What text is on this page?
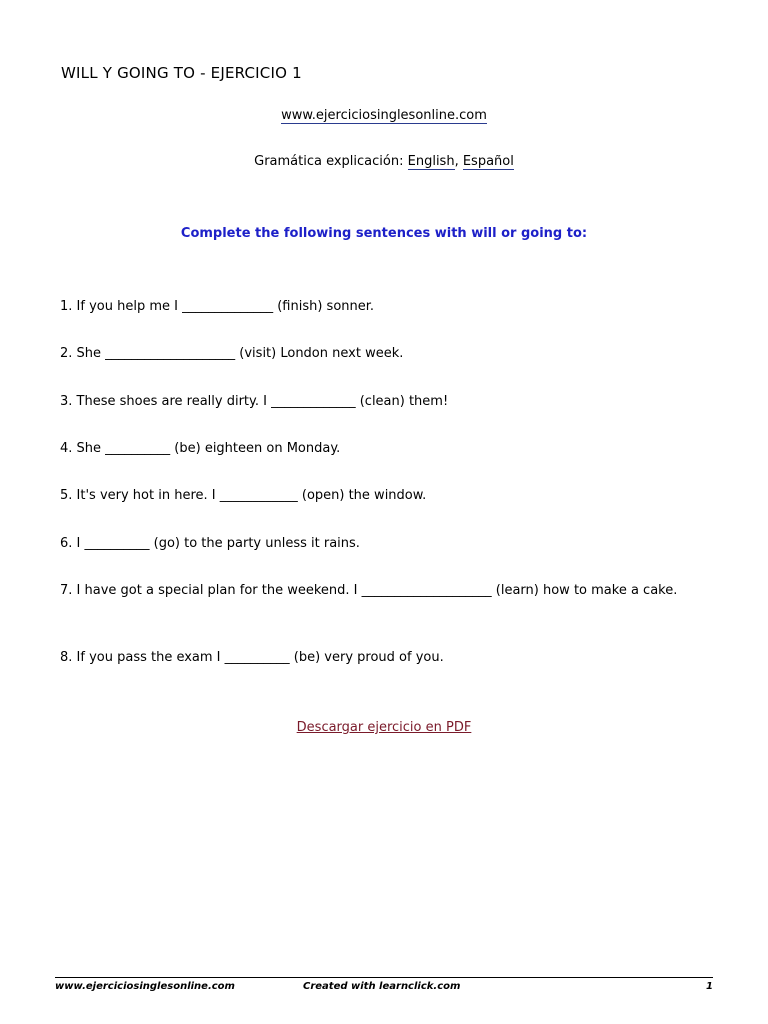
WILL Y GOING TO - EJERCICIO 1
www.ejerciciosinglesonline.com
Gramática explicación: English, Español
Complete the following sentences with will or going to:
1. If you help me I ______________ (finish) sonner.
2. She ____________________ (visit) London next week.
3. These shoes are really dirty. I _____________ (clean) them!
4. She __________ (be) eighteen on Monday.
5. It's very hot in here. I ____________ (open) the window.
6. I __________ (go) to the party unless it rains.
7. I have got a special plan for the weekend. I ____________________ (learn) how to make a cake.
8. If you pass the exam I __________ (be) very proud of you.
Descargar ejercicio en PDF
www.ejerciciosinglesonline.com	Created with learnclick.com	1
